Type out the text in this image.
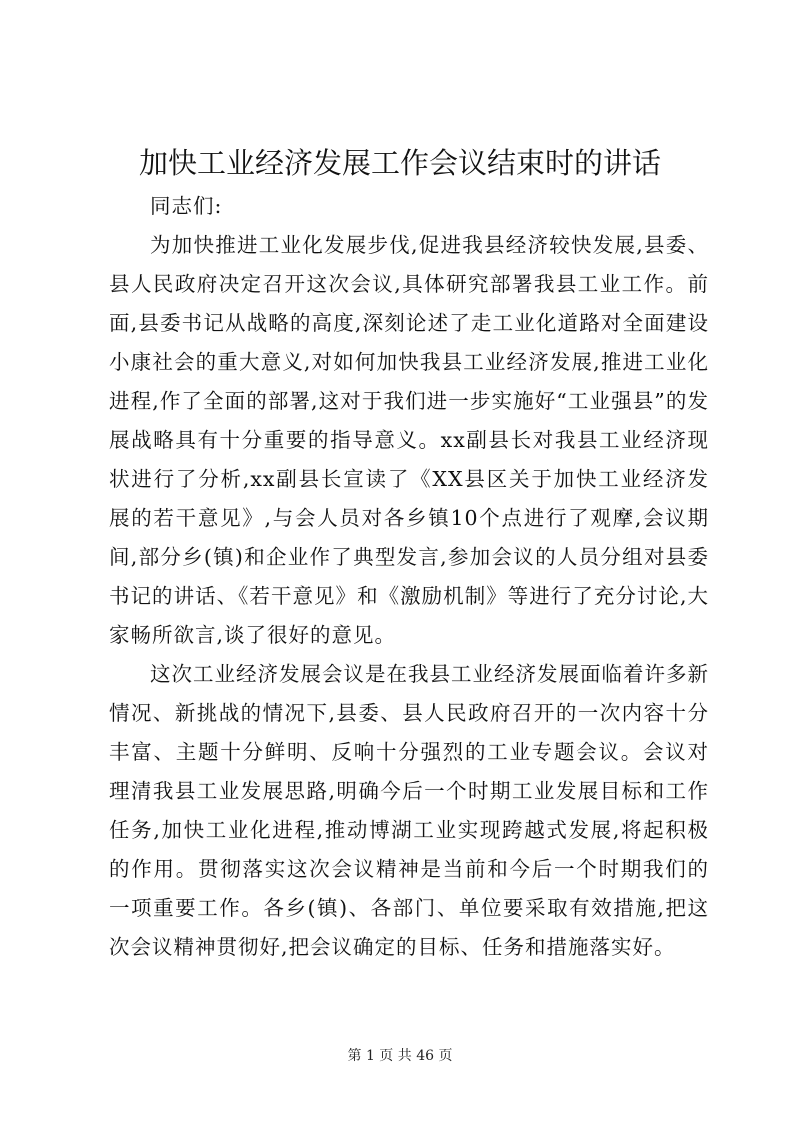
加快工业经济发展工作会议结束时的讲话

同志们:

为加快推进工业化发展步伐,促进我县经济较快发展,县委、县人民政府决定召开这次会议,具体研究部署我县工业工作。前面,县委书记从战略的高度,深刻论述了走工业化道路对全面建设小康社会的重大意义,对如何加快我县工业经济发展,推进工业化进程,作了全面的部署,这对于我们进一步实施好“工业强县”的发展战略具有十分重要的指导意义。xx副县长对我县工业经济现状进行了分析,xx副县长宣读了《XX县区关于加快工业经济发展的若干意见》,与会人员对各乡镇10个点进行了观摩,会议期间,部分乡(镇)和企业作了典型发言,参加会议的人员分组对县委书记的讲话、《若干意见》和《激励机制》等进行了充分讨论,大家畅所欲言,谈了很好的意见。

这次工业经济发展会议是在我县工业经济发展面临着许多新情况、新挑战的情况下,县委、县人民政府召开的一次内容十分丰富、主题十分鲜明、反响十分强烈的工业专题会议。会议对理清我县工业发展思路,明确今后一个时期工业发展目标和工作任务,加快工业化进程,推动博湖工业实现跨越式发展,将起积极的作用。贯彻落实这次会议精神是当前和今后一个时期我们的一项重要工作。各乡(镇)、各部门、单位要采取有效措施,把这次会议精神贯彻好,把会议确定的目标、任务和措施落实好。

第 1 页 共 46 页
